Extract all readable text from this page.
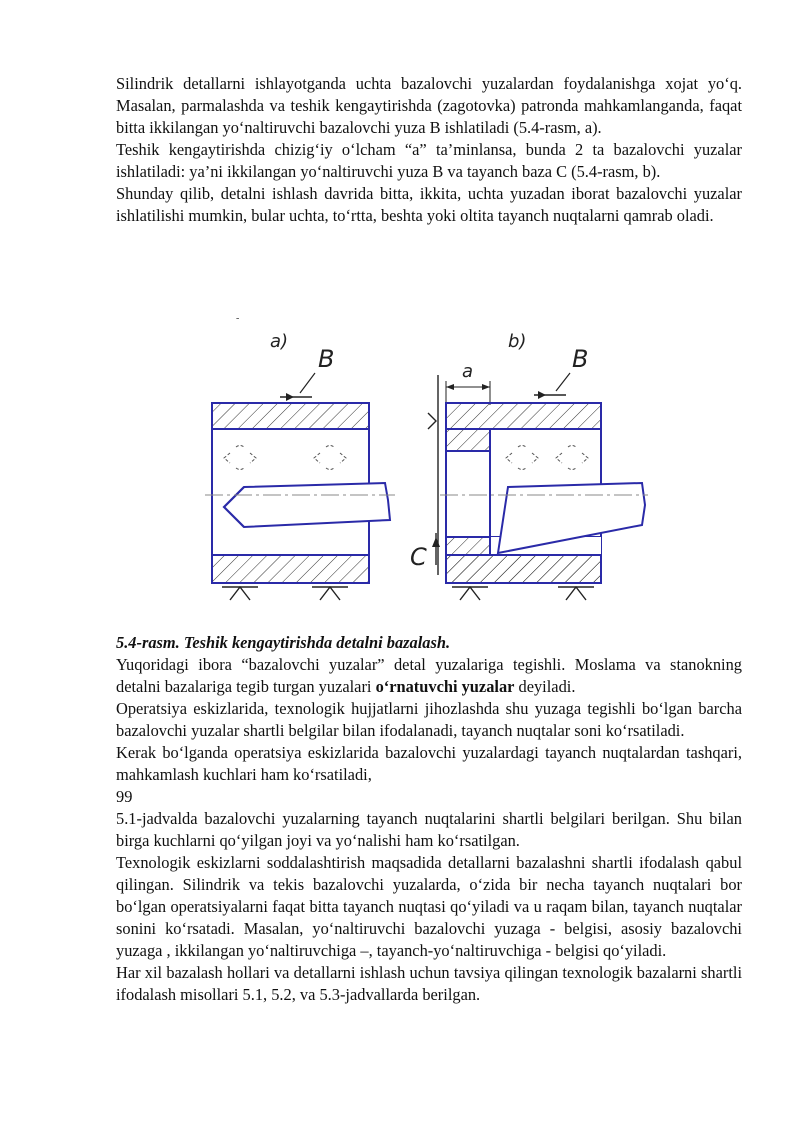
Silindrik detallarni ishlayotganda uchta bazalovchi yuzalardan foydalanishga xojat yo‘q. Masalan, parmalashda va teshik kengaytirishda (zagotovka) patronda mahkamlanganda, faqat bitta ikkilangan yo‘naltiruvchi bazalovchi yuza B ishlatiladi (5.4-rasm, a).

Teshik kengaytirishda chizig‘iy o‘lcham “a” ta’minlansa, bunda 2 ta bazalovchi yuzalar ishlatiladi: ya’ni ikkilangan yo‘naltiruvchi yuza B va tayanch baza C (5.4-rasm, b).

Shunday qilib, detalni ishlash davrida bitta, ikkita, uchta yuzadan iborat bazalovchi yuzalar ishlatilishi mumkin, bular uchta, to‘rtta, beshta yoki oltita tayanch nuqtalarni qamrab oladi.

-
a)
B
b)
B
a
C

5.4-rasm. Teshik kengaytirishda detalni bazalash.

Yuqoridagi ibora “bazalovchi yuzalar” detal yuzalariga tegishli. Moslama va stanokning detalni bazalariga tegib turgan yuzalari o‘rnatuvchi yuzalar deyiladi.

Operatsiya eskizlarida, texnologik hujjatlarni jihozlashda shu yuzaga tegishli bo‘lgan barcha bazalovchi yuzalar shartli belgilar bilan ifodalanadi, tayanch nuqtalar soni ko‘rsatiladi.

Kerak bo‘lganda operatsiya eskizlarida bazalovchi yuzalardagi tayanch nuqtalardan tashqari, mahkamlash kuchlari ham ko‘rsatiladi,

99

5.1-jadvalda bazalovchi yuzalarning tayanch nuqtalarini shartli belgilari berilgan. Shu bilan birga kuchlarni qo‘yilgan joyi va yo‘nalishi ham ko‘rsatilgan.

Texnologik eskizlarni soddalashtirish maqsadida detallarni bazalashni shartli ifodalash qabul qilingan. Silindrik va tekis bazalovchi yuzalarda, o‘zida bir necha tayanch nuqtalari bor bo‘lgan operatsiyalarni faqat bitta tayanch nuqtasi qo‘yiladi va u raqam bilan, tayanch nuqtalar sonini ko‘rsatadi. Masalan, yo‘naltiruvchi bazalovchi yuzaga - belgisi, asosiy bazalovchi yuzaga , ikkilangan yo‘naltiruvchiga –, tayanch-yo‘naltiruvchiga - belgisi qo‘yiladi.

Har xil bazalash hollari va detallarni ishlash uchun tavsiya qilingan texnologik bazalarni shartli ifodalash misollari 5.1, 5.2, va 5.3-jadvallarda berilgan.
